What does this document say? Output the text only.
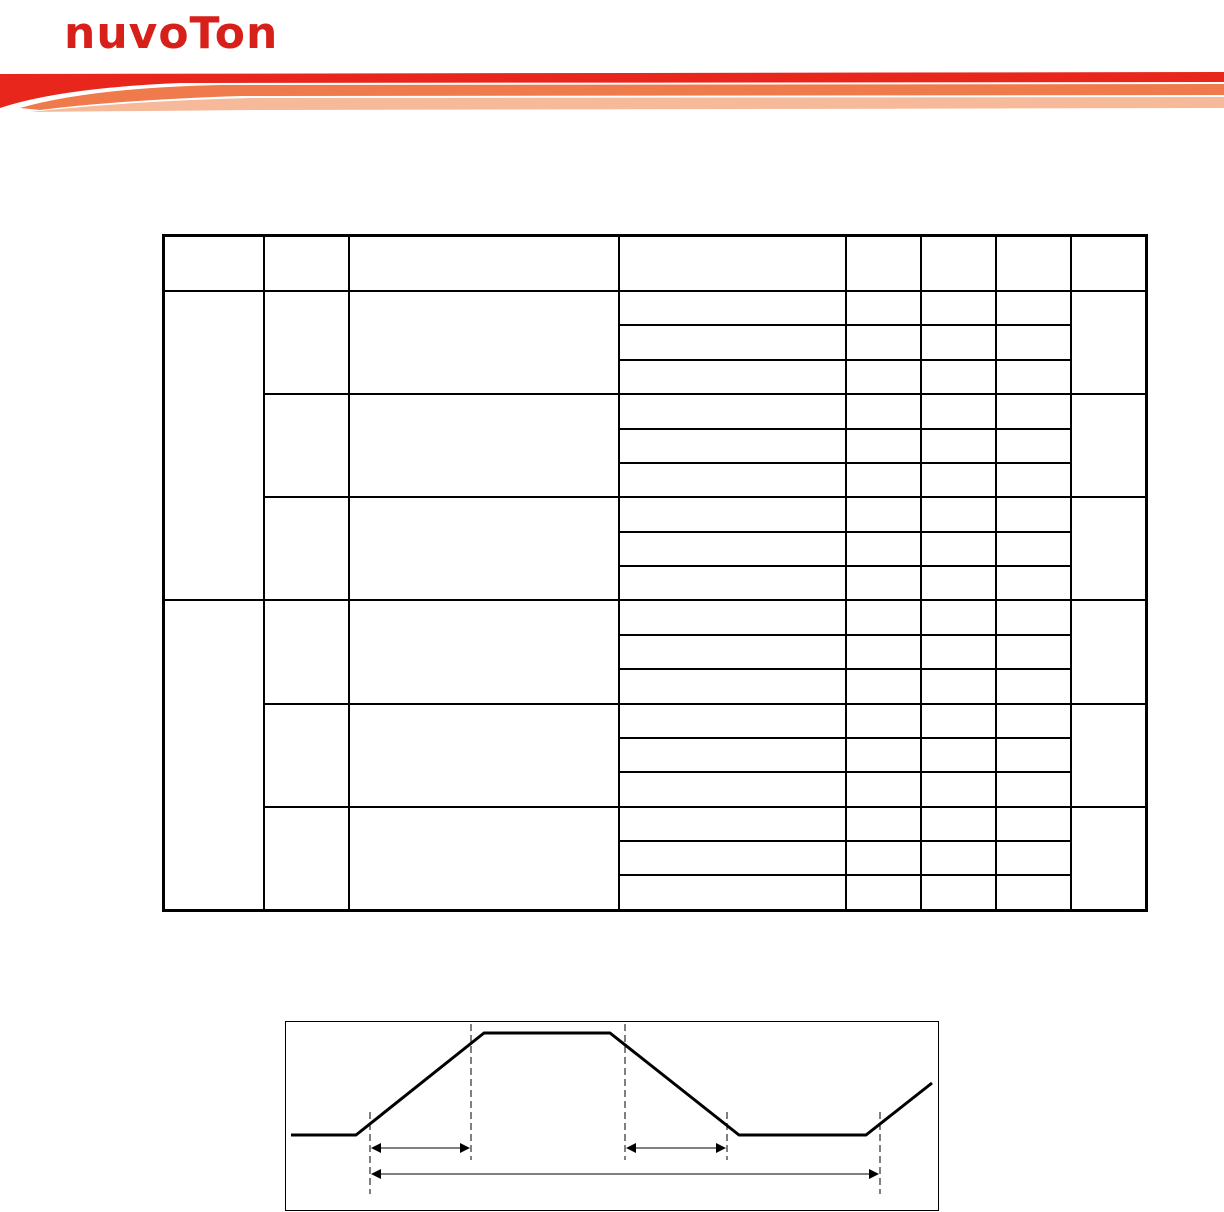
nuvoTon
